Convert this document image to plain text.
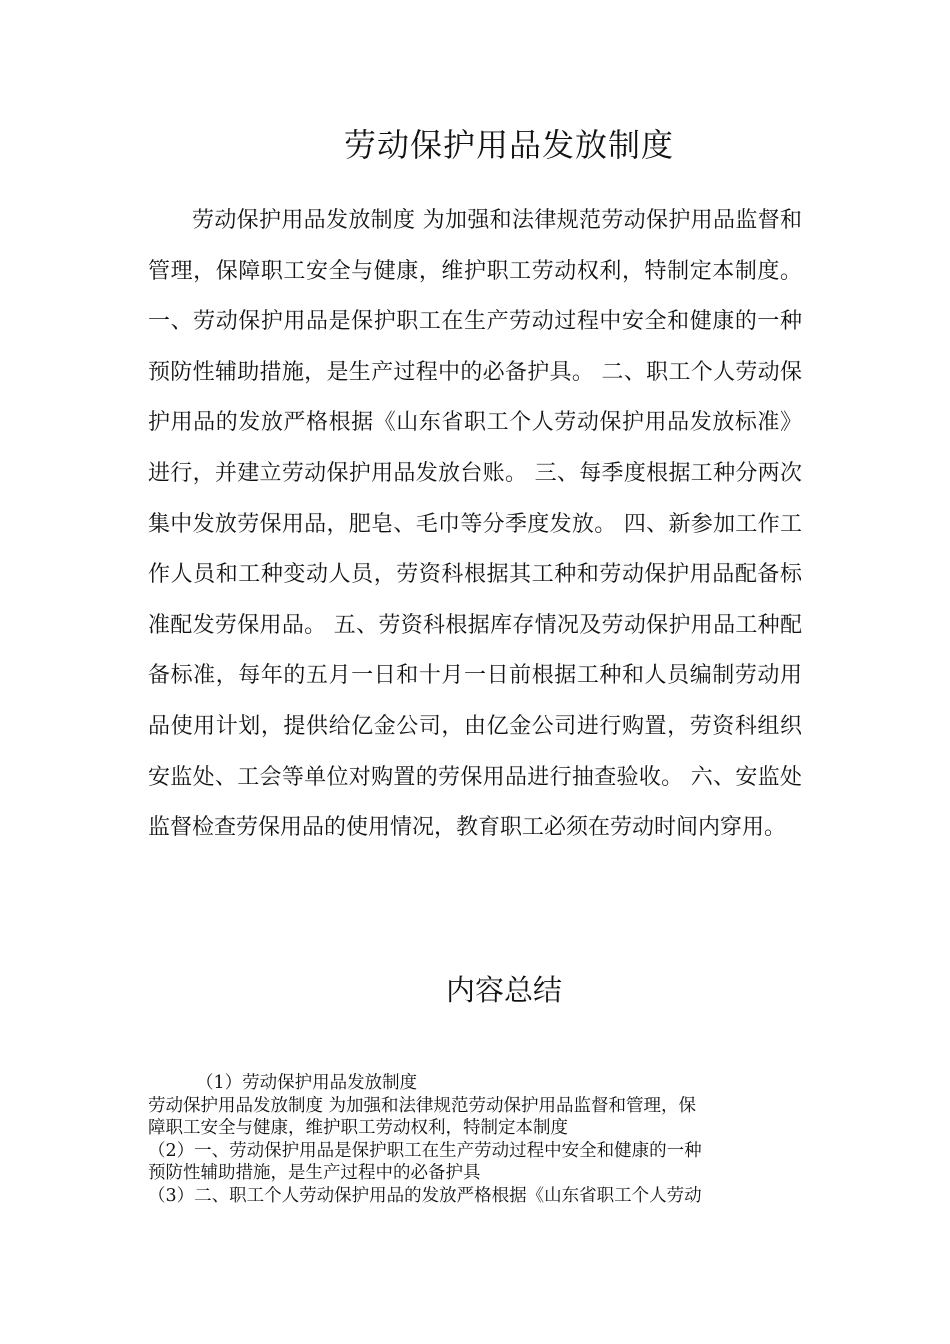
劳动保护用品发放制度

劳动保护用品发放制度 为加强和法律规范劳动保护用品监督和管理，保障职工安全与健康，维护职工劳动权利，特制定本制度。 一、劳动保护用品是保护职工在生产劳动过程中安全和健康的一种预防性辅助措施，是生产过程中的必备护具。 二、职工个人劳动保护用品的发放严格根据《山东省职工个人劳动保护用品发放标准》进行，并建立劳动保护用品发放台账。 三、每季度根据工种分两次集中发放劳保用品，肥皂、毛巾等分季度发放。 四、新参加工作工作人员和工种变动人员，劳资科根据其工种和劳动保护用品配备标准配发劳保用品。 五、劳资科根据库存情况及劳动保护用品工种配备标准，每年的五月一日和十月一日前根据工种和人员编制劳动用品使用计划，提供给亿金公司，由亿金公司进行购置，劳资科组织安监处、工会等单位对购置的劳保用品进行抽查验收。 六、安监处监督检查劳保用品的使用情况，教育职工必须在劳动时间内穿用。

内容总结

（1）劳动保护用品发放制度

劳动保护用品发放制度 为加强和法律规范劳动保护用品监督和管理，保

障职工安全与健康，维护职工劳动权利，特制定本制度

（2）一、劳动保护用品是保护职工在生产劳动过程中安全和健康的一种

预防性辅助措施，是生产过程中的必备护具

（3）二、职工个人劳动保护用品的发放严格根据《山东省职工个人劳动
